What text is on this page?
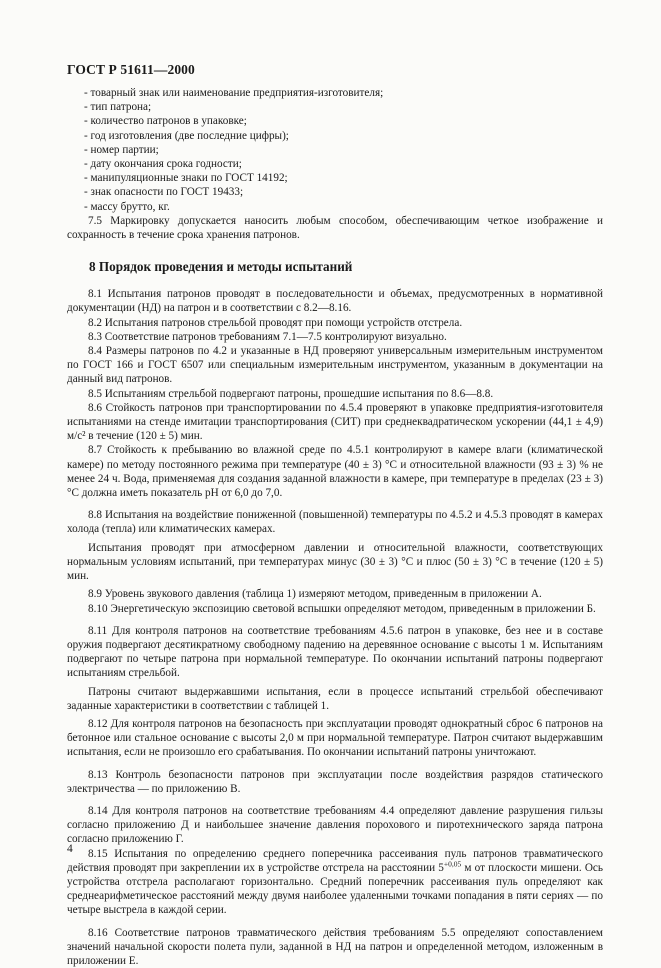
ГОСТ Р 51611—2000

- товарный знак или наименование предприятия-изготовителя;

- тип патрона;

- количество патронов в упаковке;

- год изготовления (две последние цифры);

- номер партии;

- дату окончания срока годности;

- манипуляционные знаки по ГОСТ 14192;

- знак опасности по ГОСТ 19433;

- массу брутто, кг.

7.5 Маркировку допускается наносить любым способом, обеспечивающим четкое изображение и сохранность в течение срока хранения патронов.

8 Порядок проведения и методы испытаний

8.1 Испытания патронов проводят в последовательности и объемах, предусмотренных в нормативной документации (НД) на патрон и в соответствии с 8.2—8.16.

8.2 Испытания патронов стрельбой проводят при помощи устройств отстрела.

8.3 Соответствие патронов требованиям 7.1—7.5 контролируют визуально.

8.4 Размеры патронов по 4.2 и указанные в НД проверяют универсальным измерительным инструментом по ГОСТ 166 и ГОСТ 6507 или специальным измерительным инструментом, указанным в документации на данный вид патронов.

8.5 Испытаниям стрельбой подвергают патроны, прошедшие испытания по 8.6—8.8.

8.6 Стойкость патронов при транспортировании по 4.5.4 проверяют в упаковке предприятия-изготовителя испытаниями на стенде имитации транспортирования (СИТ) при среднеквадратическом ускорении (44,1 ± 4,9) м/с² в течение (120 ± 5) мин.

8.7 Стойкость к пребыванию во влажной среде по 4.5.1 контролируют в камере влаги (климатической камере) по методу постоянного режима при температуре (40 ± 3) °С и относительной влажности (93 ± 3) % не менее 24 ч. Вода, применяемая для создания заданной влажности в камере, при температуре в пределах (23 ± 3) °С должна иметь показатель рН от 6,0 до 7,0.

8.8 Испытания на воздействие пониженной (повышенной) температуры по 4.5.2 и 4.5.3 проводят в камерах холода (тепла) или климатических камерах.

Испытания проводят при атмосферном давлении и относительной влажности, соответствующих нормальным условиям испытаний, при температурах минус (30 ± 3) °С и плюс (50 ± 3) °С в течение (120 ± 5) мин.

8.9 Уровень звукового давления (таблица 1) измеряют методом, приведенным в приложении А.

8.10 Энергетическую экспозицию световой вспышки определяют методом, приведенным в приложении Б.

8.11 Для контроля патронов на соответствие требованиям 4.5.6 патрон в упаковке, без нее и в составе оружия подвергают десятикратному свободному падению на деревянное основание с высоты 1 м. Испытаниям подвергают по четыре патрона при нормальной температуре. По окончании испытаний патроны подвергают испытаниям стрельбой.

Патроны считают выдержавшими испытания, если в процессе испытаний стрельбой обеспечивают заданные характеристики в соответствии с таблицей 1.

8.12 Для контроля патронов на безопасность при эксплуатации проводят однократный сброс 6 патронов на бетонное или стальное основание с высоты 2,0 м при нормальной температуре. Патрон считают выдержавшим испытания, если не произошло его срабатывания. По окончании испытаний патроны уничтожают.

8.13 Контроль безопасности патронов при эксплуатации после воздействия разрядов статического электричества — по приложению В.

8.14 Для контроля патронов на соответствие требованиям 4.4 определяют давление разрушения гильзы согласно приложению Д и наибольшее значение давления порохового и пиротехнического заряда патрона согласно приложению Г.

8.15 Испытания по определению среднего поперечника рассеивания пуль патронов травматического действия проводят при закреплении их в устройстве отстрела на расстоянии $5^{+0,05}$ м от плоскости мишени. Ось устройства отстрела располагают горизонтально. Средний поперечник рассеивания пуль определяют как среднеарифметическое расстояний между двумя наиболее удаленными точками попадания в пяти сериях — по четыре выстрела в каждой серии.

8.16 Соответствие патронов травматического действия требованиям 5.5 определяют сопоставлением значений начальной скорости полета пули, заданной в НД на патрон и определенной методом, изложенным в приложении Е.

4
